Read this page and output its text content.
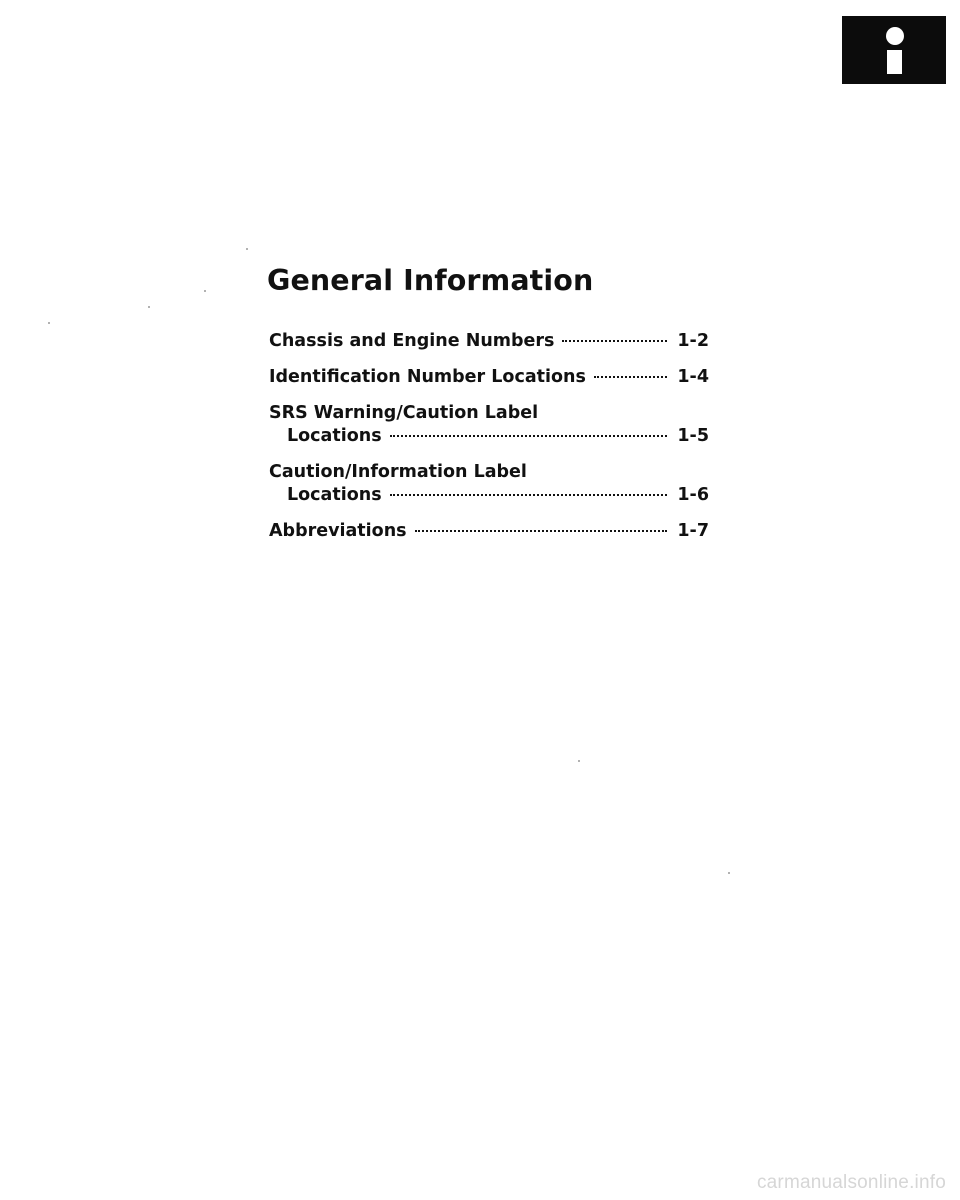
General Information
Chassis and Engine Numbers	1-2
Identification Number Locations	1-4
SRS Warning/Caution Label
Locations	1-5
Caution/Information Label
Locations	1-6
Abbreviations	1-7
carmanualsonline.info
